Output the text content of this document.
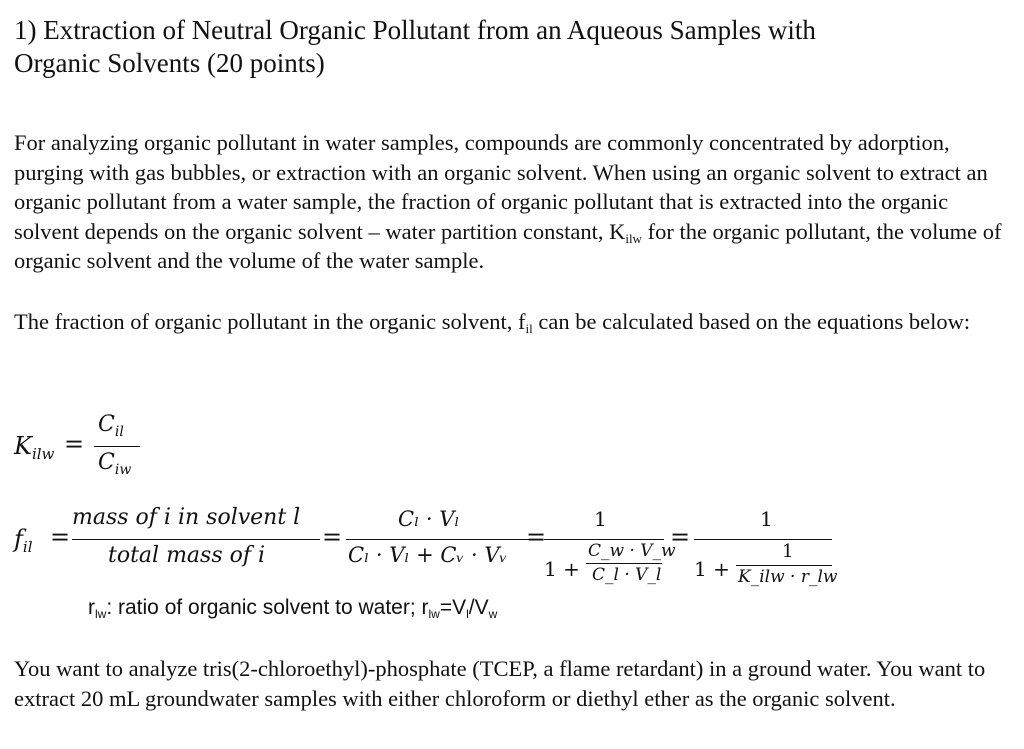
1) Extraction of Neutral Organic Pollutant from an Aqueous Samples with
Organic Solvents (20 points)

For analyzing organic pollutant in water samples, compounds are commonly concentrated by adorption, purging with gas bubbles, or extraction with an organic solvent. When using an organic solvent to extract an organic pollutant from a water sample, the fraction of organic pollutant that is extracted into the organic solvent depends on the organic solvent – water partition constant, $K_{ilw}$ for the organic pollutant, the volume of organic solvent and the volume of the water sample.

The fraction of organic pollutant in the organic solvent, $f_{il}$ can be calculated based on the equations below:

$K_{ilw}$ =
$C_{il}$
$C_{iw}$
$f_{il}$ =
mass of i in solvent l
total mass of i
=
Cₗ · Vₗ
Cₗ · Vₗ + Cᵥ · Vᵥ
=
1
1 +
C_w · V_w
C_l · V_l
=
1
1 +
1
K_ilw · r_lw
$r_{lw}$: ratio of organic solvent to water; $r_{lw}=V_l/V_w$

You want to analyze tris(2-chloroethyl)-phosphate (TCEP, a flame retardant) in a ground water. You want to extract 20 mL groundwater samples with either chloroform or diethyl ether as the organic solvent.
